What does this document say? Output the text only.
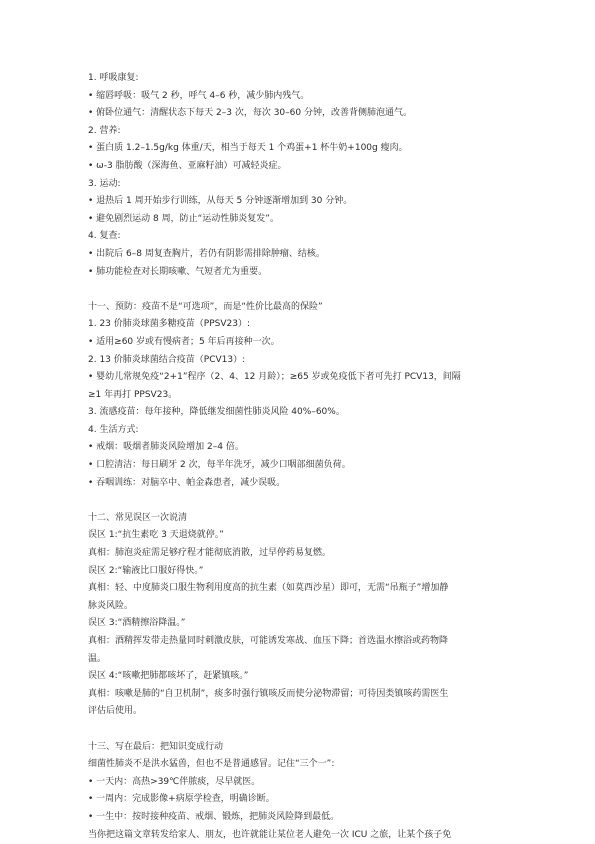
1. 呼吸康复:
• 缩唇呼吸：吸气 2 秒，呼气 4–6 秒，减少肺内残气。
• 俯卧位通气：清醒状态下每天 2–3 次，每次 30–60 分钟，改善背侧肺泡通气。
2. 营养:
• 蛋白质 1.2–1.5g/kg 体重/天，相当于每天 1 个鸡蛋+1 杯牛奶+100g 瘦肉。
• ω-3 脂肪酸（深海鱼、亚麻籽油）可减轻炎症。
3. 运动:
• 退热后 1 周开始步行训练，从每天 5 分钟逐渐增加到 30 分钟。
• 避免剧烈运动 8 周，防止“运动性肺炎复发”。
4. 复查:
• 出院后 6–8 周复查胸片，若仍有阴影需排除肿瘤、结核。
• 肺功能检查对长期咳嗽、气短者尤为重要。
十一、预防：疫苗不是“可选项”，而是“性价比最高的保险”
1. 23 价肺炎球菌多糖疫苗（PPSV23）:
• 适用≥60 岁或有慢病者；5 年后再接种一次。
2. 13 价肺炎球菌结合疫苗（PCV13）:
• 婴幼儿常规免疫“2+1”程序（2、4、12 月龄）；≥65 岁或免疫低下者可先打 PCV13，间隔
≥1 年再打 PPSV23。
3. 流感疫苗：每年接种，降低继发细菌性肺炎风险 40%–60%。
4. 生活方式:
• 戒烟：吸烟者肺炎风险增加 2–4 倍。
• 口腔清洁：每日刷牙 2 次，每半年洗牙，减少口咽部细菌负荷。
• 吞咽训练：对脑卒中、帕金森患者，减少误吸。
十二、常见误区一次说清
误区 1:“抗生素吃 3 天退烧就停。”
真相：肺泡炎症需足够疗程才能彻底消散，过早停药易复燃。
误区 2:“输液比口服好得快。”
真相：轻、中度肺炎口服生物利用度高的抗生素（如莫西沙星）即可，无需“吊瓶子”增加静
脉炎风险。
误区 3:“酒精擦浴降温。”
真相：酒精挥发带走热量同时刺激皮肤，可能诱发寒战、血压下降；首选温水擦浴或药物降
温。
误区 4:“咳嗽把肺都咳坏了，赶紧镇咳。”
真相：咳嗽是肺的“自卫机制”，痰多时强行镇咳反而使分泌物滞留；可待因类镇咳药需医生
评估后使用。
十三、写在最后：把知识变成行动
细菌性肺炎不是洪水猛兽，但也不是普通感冒。记住“三个一”:
• 一天内：高热>39℃伴脓痰，尽早就医。
• 一周内：完成影像+病原学检查，明确诊断。
• 一生中：按时接种疫苗、戒烟、锻炼，把肺炎风险降到最低。
当你把这篇文章转发给家人、朋友，也许就能让某位老人避免一次 ICU 之旅，让某个孩子免
